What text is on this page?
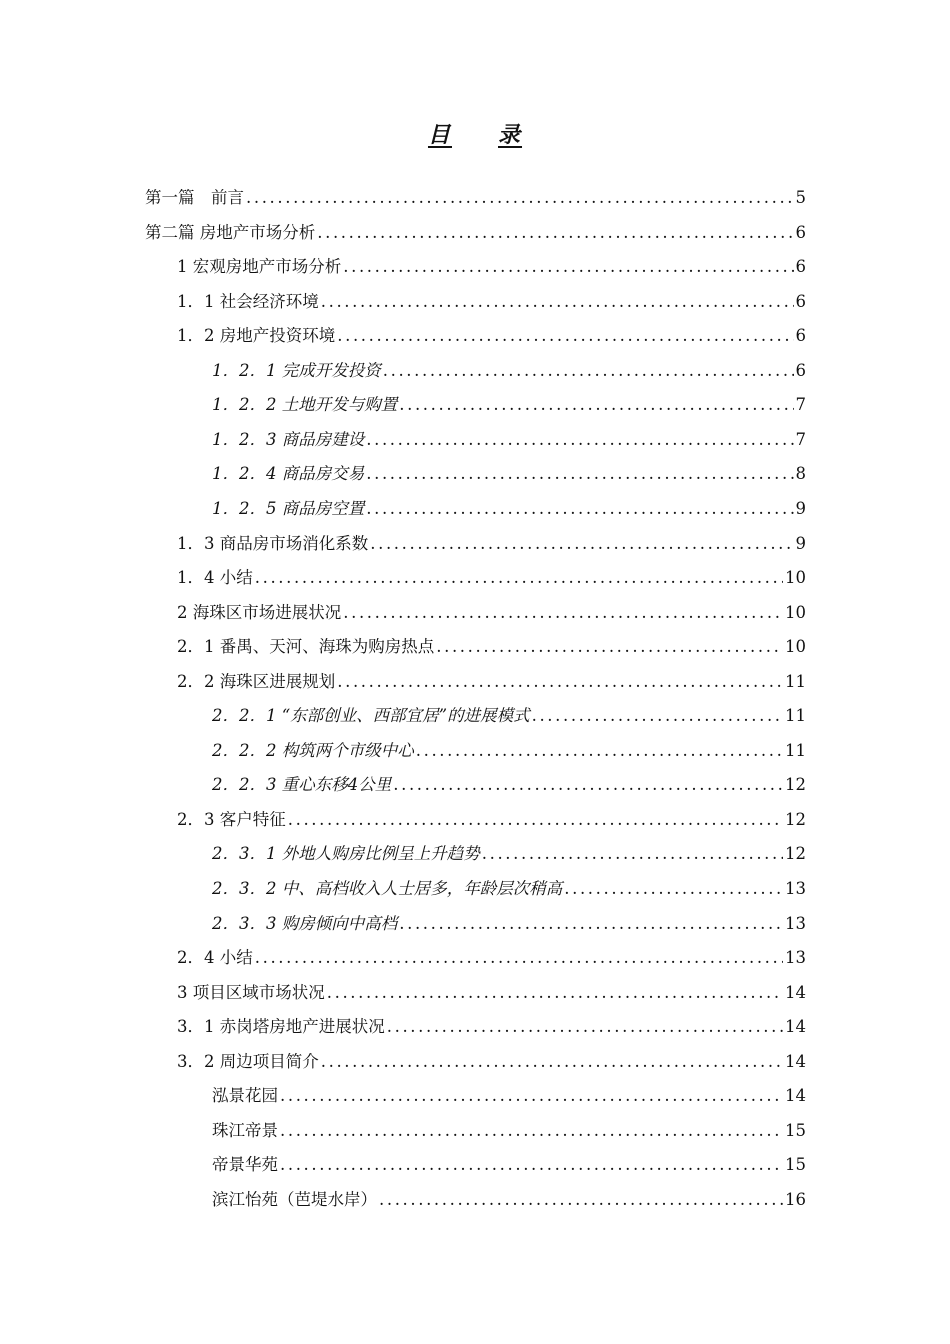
目 录
第一篇　前言 .....	5
第二篇 房地产市场分析 .....	6
1 宏观房地产市场分析 .....	6
1．1 社会经济环境 .....	6
1．2 房地产投资环境 .....	6
1．2．1 完成开发投资 .....	6
1．2．2 土地开发与购置 .....	7
1．2．3 商品房建设 .....	7
1．2．4 商品房交易 .....	8
1．2．5 商品房空置 .....	9
1．3 商品房市场消化系数 .....	9
1．4 小结 .....	10
2 海珠区市场进展状况 .....	10
2．1 番禺、天河、海珠为购房热点 .....	10
2．2 海珠区进展规划 .....	11
2．2．1 “东部创业、西部宜居”的进展模式 .....	11
2．2．2 构筑两个市级中心 .....	11
2．2．3 重心东移4公里 .....	12
2．3 客户特征 .....	12
2．3．1 外地人购房比例呈上升趋势 .....	12
2．3．2 中、高档收入人士居多，年龄层次稍高 .....	13
2．3．3 购房倾向中高档 .....	13
2．4 小结 .....	13
3 项目区域市场状况 .....	14
3．1 赤岗塔房地产进展状况 .....	14
3．2 周边项目简介 .....	14
泓景花园 .....	14
珠江帝景 .....	15
帝景华苑 .....	15
滨江怡苑（芭堤水岸） .....	16
